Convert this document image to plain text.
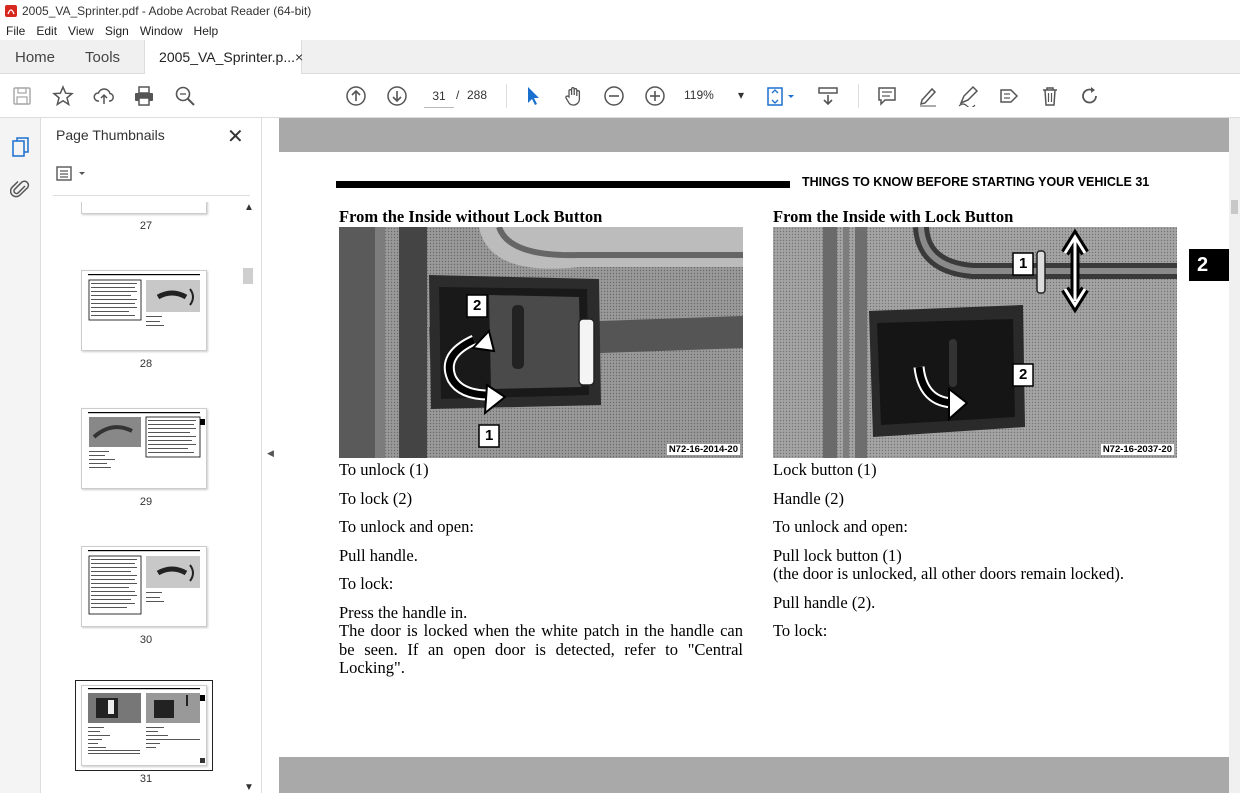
2005_VA_Sprinter.pdf - Adobe Acrobat Reader (64-bit)
File Edit View Sign Window Help
Home	Tools	2005_VA_Sprinter.p... ×
31 / 288	119% ▾
Page Thumbnails	✕
27
28
29
30
31
▲
▼
◀
THINGS TO KNOW BEFORE STARTING YOUR VEHICLE 31
2
From the Inside without Lock Button
2
1
N72-16-2014-20
To unlock (1)
To lock (2)
To unlock and open:
Pull handle.
To lock:
Press the handle in.
The door is locked when the white patch in the handle can be seen. If an open door is detected, refer to "Central Locking".
From the Inside with Lock Button
1
2
N72-16-2037-20
Lock button (1)
Handle (2)
To unlock and open:
Pull lock button (1)
(the door is unlocked, all other doors remain locked).
Pull handle (2).
To lock:
